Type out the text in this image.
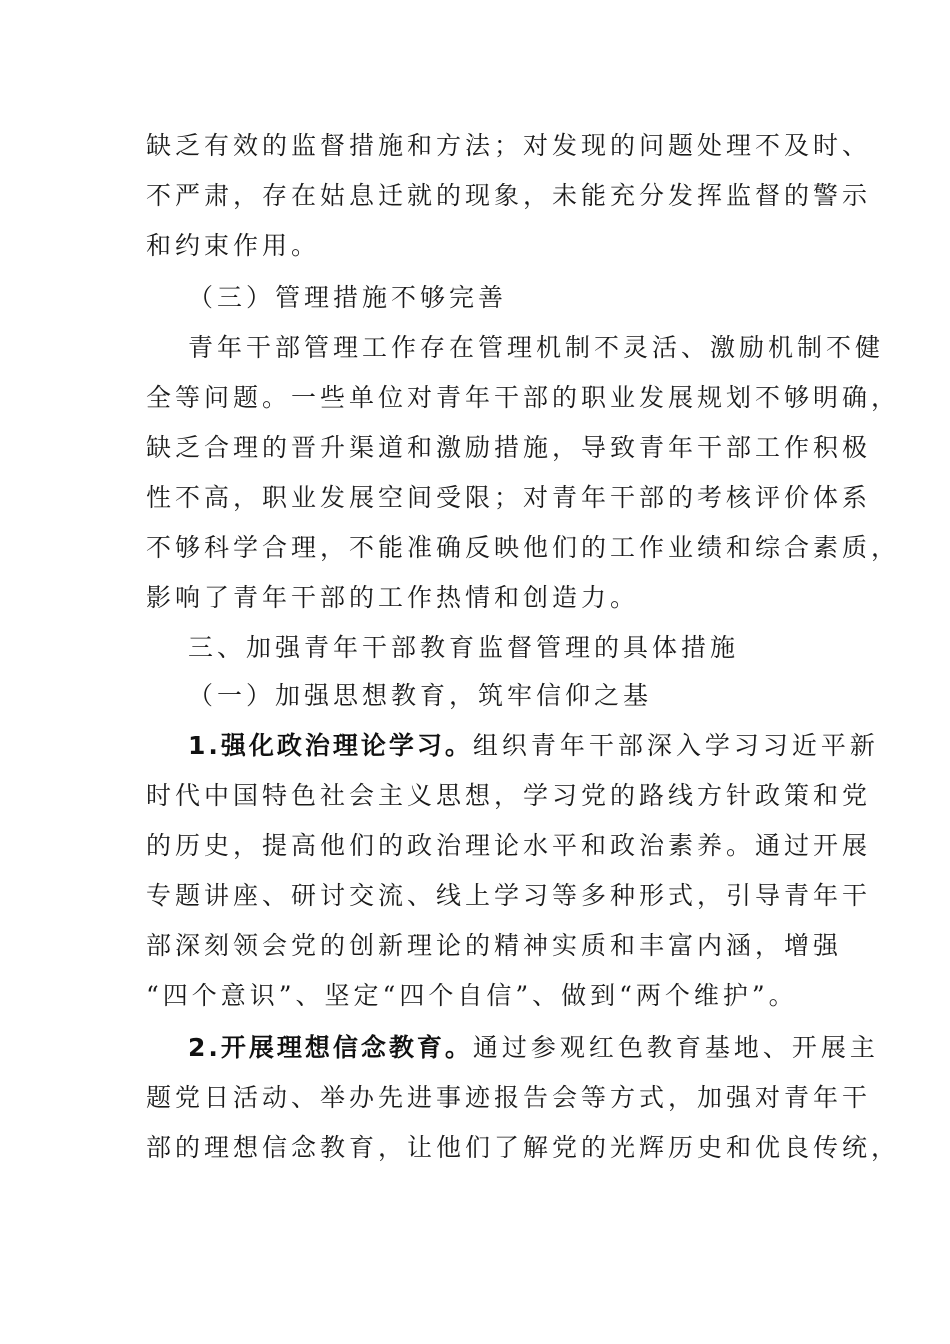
缺乏有效的监督措施和方法；对发现的问题处理不及时、
不严肃，存在姑息迁就的现象，未能充分发挥监督的警示
和约束作用。
（三）管理措施不够完善
青年干部管理工作存在管理机制不灵活、激励机制不健
全等问题。一些单位对青年干部的职业发展规划不够明确，
缺乏合理的晋升渠道和激励措施，导致青年干部工作积极
性不高，职业发展空间受限；对青年干部的考核评价体系
不够科学合理，不能准确反映他们的工作业绩和综合素质，
影响了青年干部的工作热情和创造力。
三、加强青年干部教育监督管理的具体措施
（一）加强思想教育，筑牢信仰之基
1.强化政治理论学习。组织青年干部深入学习习近平新
时代中国特色社会主义思想，学习党的路线方针政策和党
的历史，提高他们的政治理论水平和政治素养。通过开展
专题讲座、研讨交流、线上学习等多种形式，引导青年干
部深刻领会党的创新理论的精神实质和丰富内涵，增强
“四个意识”、坚定“四个自信”、做到“两个维护”。
2.开展理想信念教育。通过参观红色教育基地、开展主
题党日活动、举办先进事迹报告会等方式，加强对青年干
部的理想信念教育，让他们了解党的光辉历史和优良传统，
